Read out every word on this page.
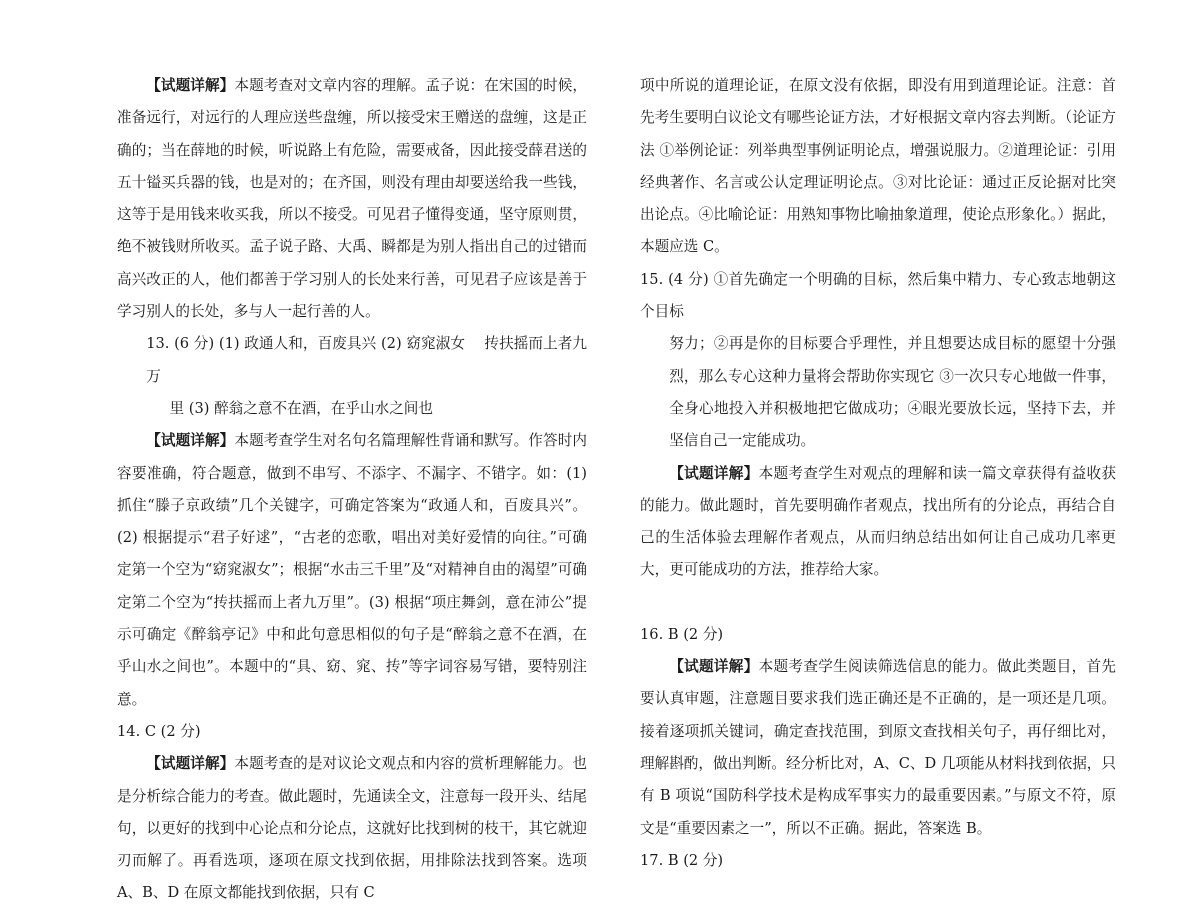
【试题详解】本题考查对文章内容的理解。孟子说：在宋国的时候，准备远行，对远行的人理应送些盘缠，所以接受宋王赠送的盘缠，这是正确的；当在薛地的时候，听说路上有危险，需要戒备，因此接受薛君送的五十镒买兵器的钱，也是对的；在齐国，则没有理由却要送给我一些钱，这等于是用钱来收买我，所以不接受。可见君子懂得变通，坚守原则贯，绝不被钱财所收买。孟子说子路、大禹、瞬都是为别人指出自己的过错而高兴改正的人，他们都善于学习别人的长处来行善，可见君子应该是善于学习别人的长处，多与人一起行善的人。

13. (6 分) (1) 政通人和，百废具兴 (2) 窈窕淑女　 抟扶摇而上者九万

里 (3) 醉翁之意不在酒，在乎山水之间也

【试题详解】本题考查学生对名句名篇理解性背诵和默写。作答时内容要准确，符合题意，做到不串写、不添字、不漏字、不错字。如：(1) 抓住“滕子京政绩”几个关键字，可确定答案为“政通人和，百废具兴”。(2) 根据提示“君子好逑”，“古老的恋歌，唱出对美好爱情的向往。”可确定第一个空为“窈窕淑女”；根据“水击三千里”及“对精神自由的渴望”可确定第二个空为“抟扶摇而上者九万里”。(3) 根据“项庄舞剑，意在沛公”提示可确定《醉翁亭记》中和此句意思相似的句子是“醉翁之意不在酒，在乎山水之间也”。本题中的“具、窈、窕、抟”等字词容易写错，要特别注意。

14. C (2 分)

【试题详解】本题考查的是对议论文观点和内容的赏析理解能力。也是分析综合能力的考查。做此题时，先通读全文，注意每一段开头、结尾句，以更好的找到中心论点和分论点，这就好比找到树的枝干，其它就迎刃而解了。再看选项，逐项在原文找到依据，用排除法找到答案。选项 A、B、D 在原文都能找到依据，只有 C

项中所说的道理论证，在原文没有依据，即没有用到道理论证。注意：首先考生要明白议论文有哪些论证方法，才好根据文章内容去判断。（论证方法 ①举例论证：列举典型事例证明论点，增强说服力。②道理论证：引用经典著作、名言或公认定理证明论点。③对比论证：通过正反论据对比突出论点。④比喻论证：用熟知事物比喻抽象道理，使论点形象化。）据此，本题应选 C。

15. (4 分) ①首先确定一个明确的目标，然后集中精力、专心致志地朝这个目标

努力；②再是你的目标要合乎理性，并且想要达成目标的愿望十分强烈，那么专心这种力量将会帮助你实现它 ③一次只专心地做一件事，全身心地投入并积极地把它做成功；④眼光要放长远，坚持下去，并坚信自己一定能成功。

【试题详解】本题考查学生对观点的理解和读一篇文章获得有益收获的能力。做此题时，首先要明确作者观点，找出所有的分论点，再结合自己的生活体验去理解作者观点，从而归纳总结出如何让自己成功几率更大，更可能成功的方法，推荐给大家。

16. B (2 分)

【试题详解】本题考查学生阅读筛选信息的能力。做此类题目，首先要认真审题，注意题目要求我们选正确还是不正确的，是一项还是几项。接着逐项抓关键词，确定查找范围，到原文查找相关句子，再仔细比对，理解斟酌，做出判断。经分析比对，A、C、D 几项能从材料找到依据，只有 B 项说“国防科学技术是构成军事实力的最重要因素。”与原文不符，原文是“重要因素之一”，所以不正确。据此，答案选 B。

17. B (2 分)
